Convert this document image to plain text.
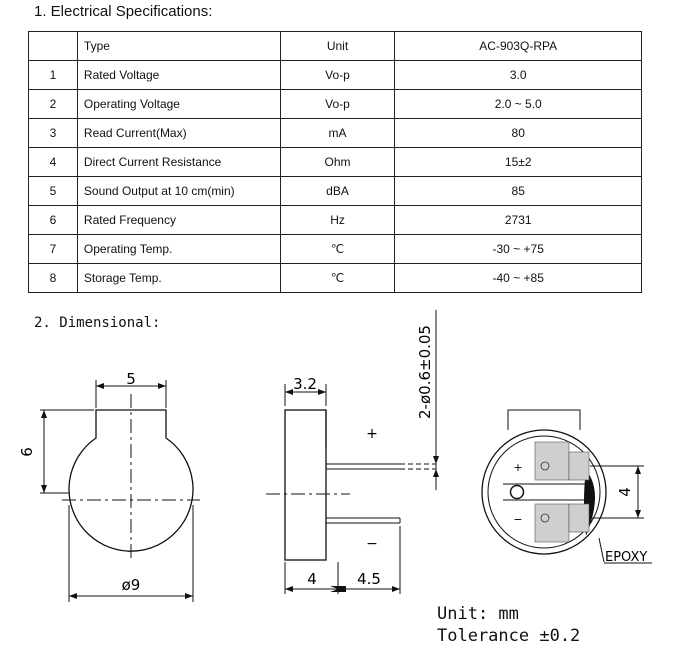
1. Electrical Specifications:
	Type	Unit	AC-903Q-RPA
1	Rated Voltage	Vo-p	3.0
2	Operating Voltage	Vo-p	2.0 ~ 5.0
3	Read Current(Max)	mA	80
4	Direct Current Resistance	Ohm	15±2
5	Sound Output at 10 cm(min)	dBA	85
6	Rated Frequency	Hz	2731
7	Operating Temp.	℃	-30 ~ +75
8	Storage Temp.	℃	-40 ~ +85
2. Dimensional:
5
6
ø9
3.2	2-ø0.6±0.05
+
−
4	4.5
+
−
4
EPOXY
Unit: mm
Tolerance ±0.2
